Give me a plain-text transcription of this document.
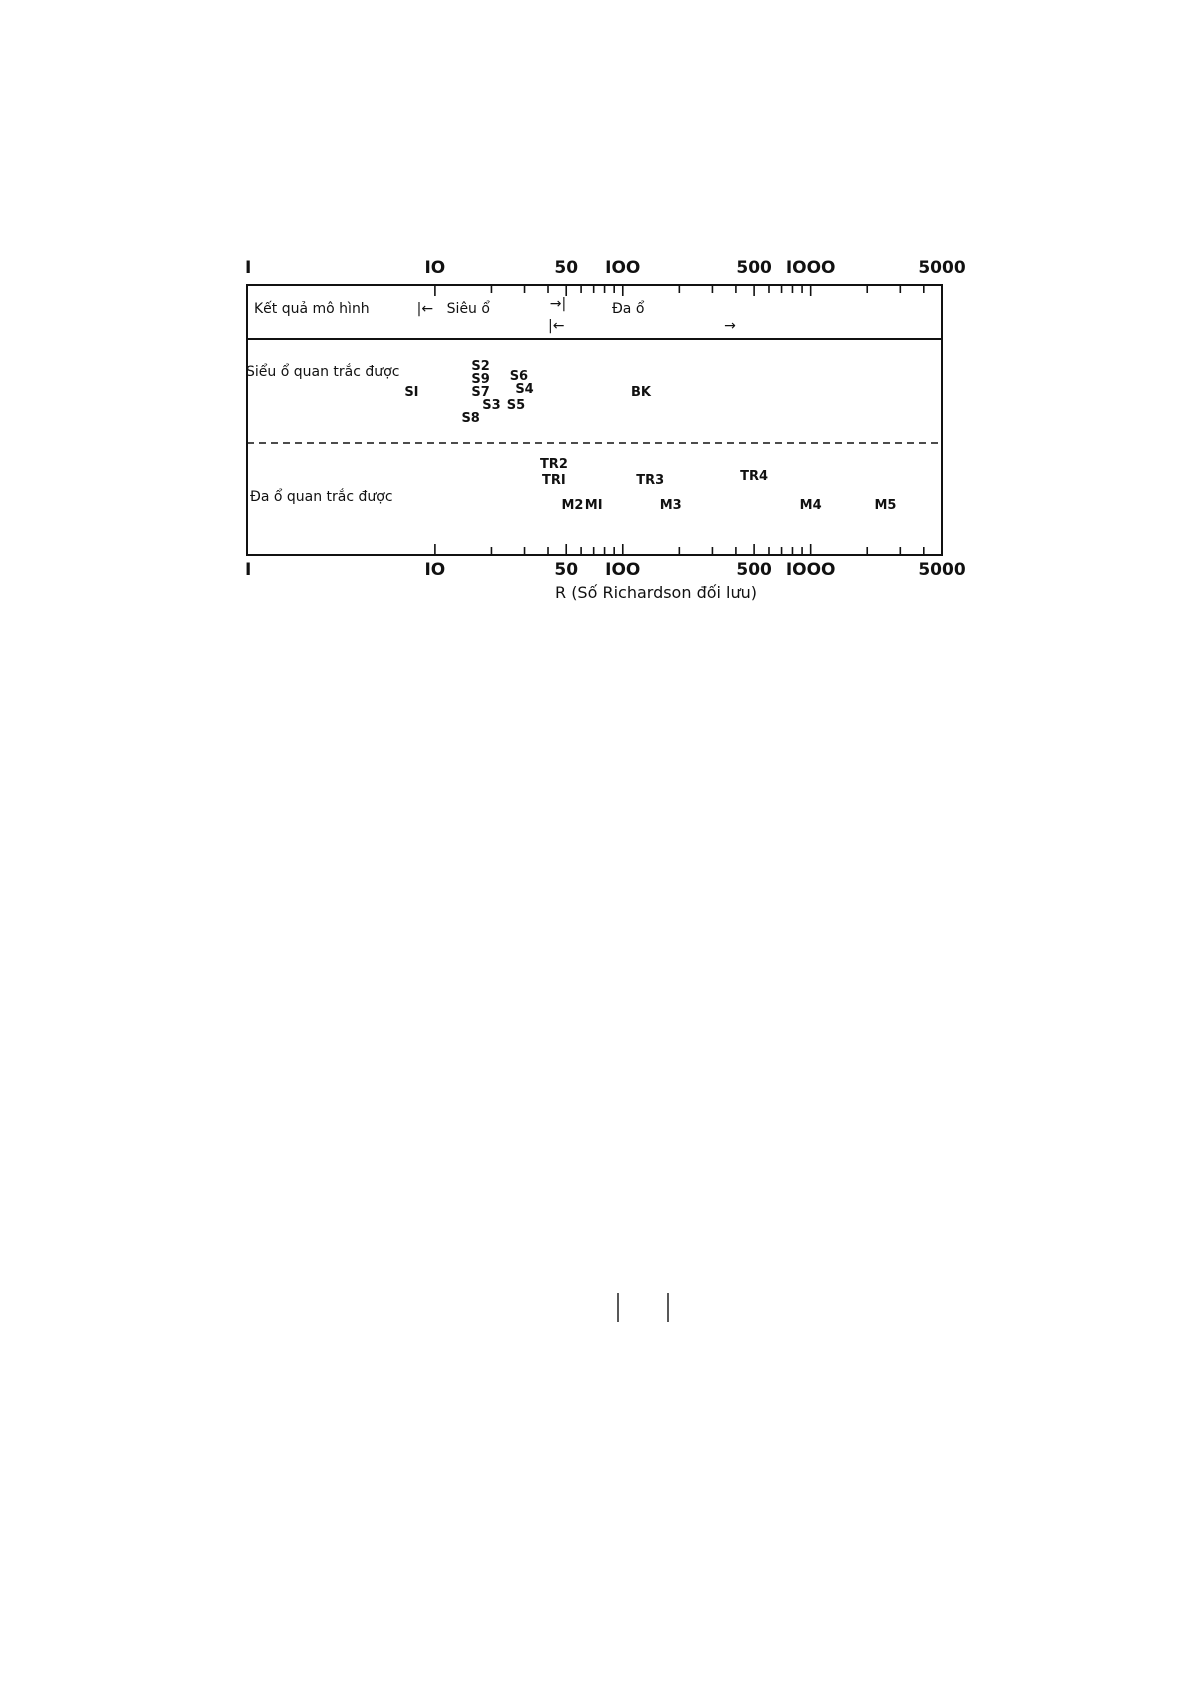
I	IO	50 IOO	500 IOOO	5000
I	IO	50 IOO	500 IOOO	5000
Kết quả mô hình
Siểu ổ quan trắc được
Đa ổ quan trắc được
|←	→|
Siêu ổ
|←	→
Đa ổ
SI
S2
S9
S7
S3
S8
S6
S4
S5
BK
TR2
TRI	TR3	TR4
M2 MI	M3	M4	M5
R (Số Richardson đối lưu)
